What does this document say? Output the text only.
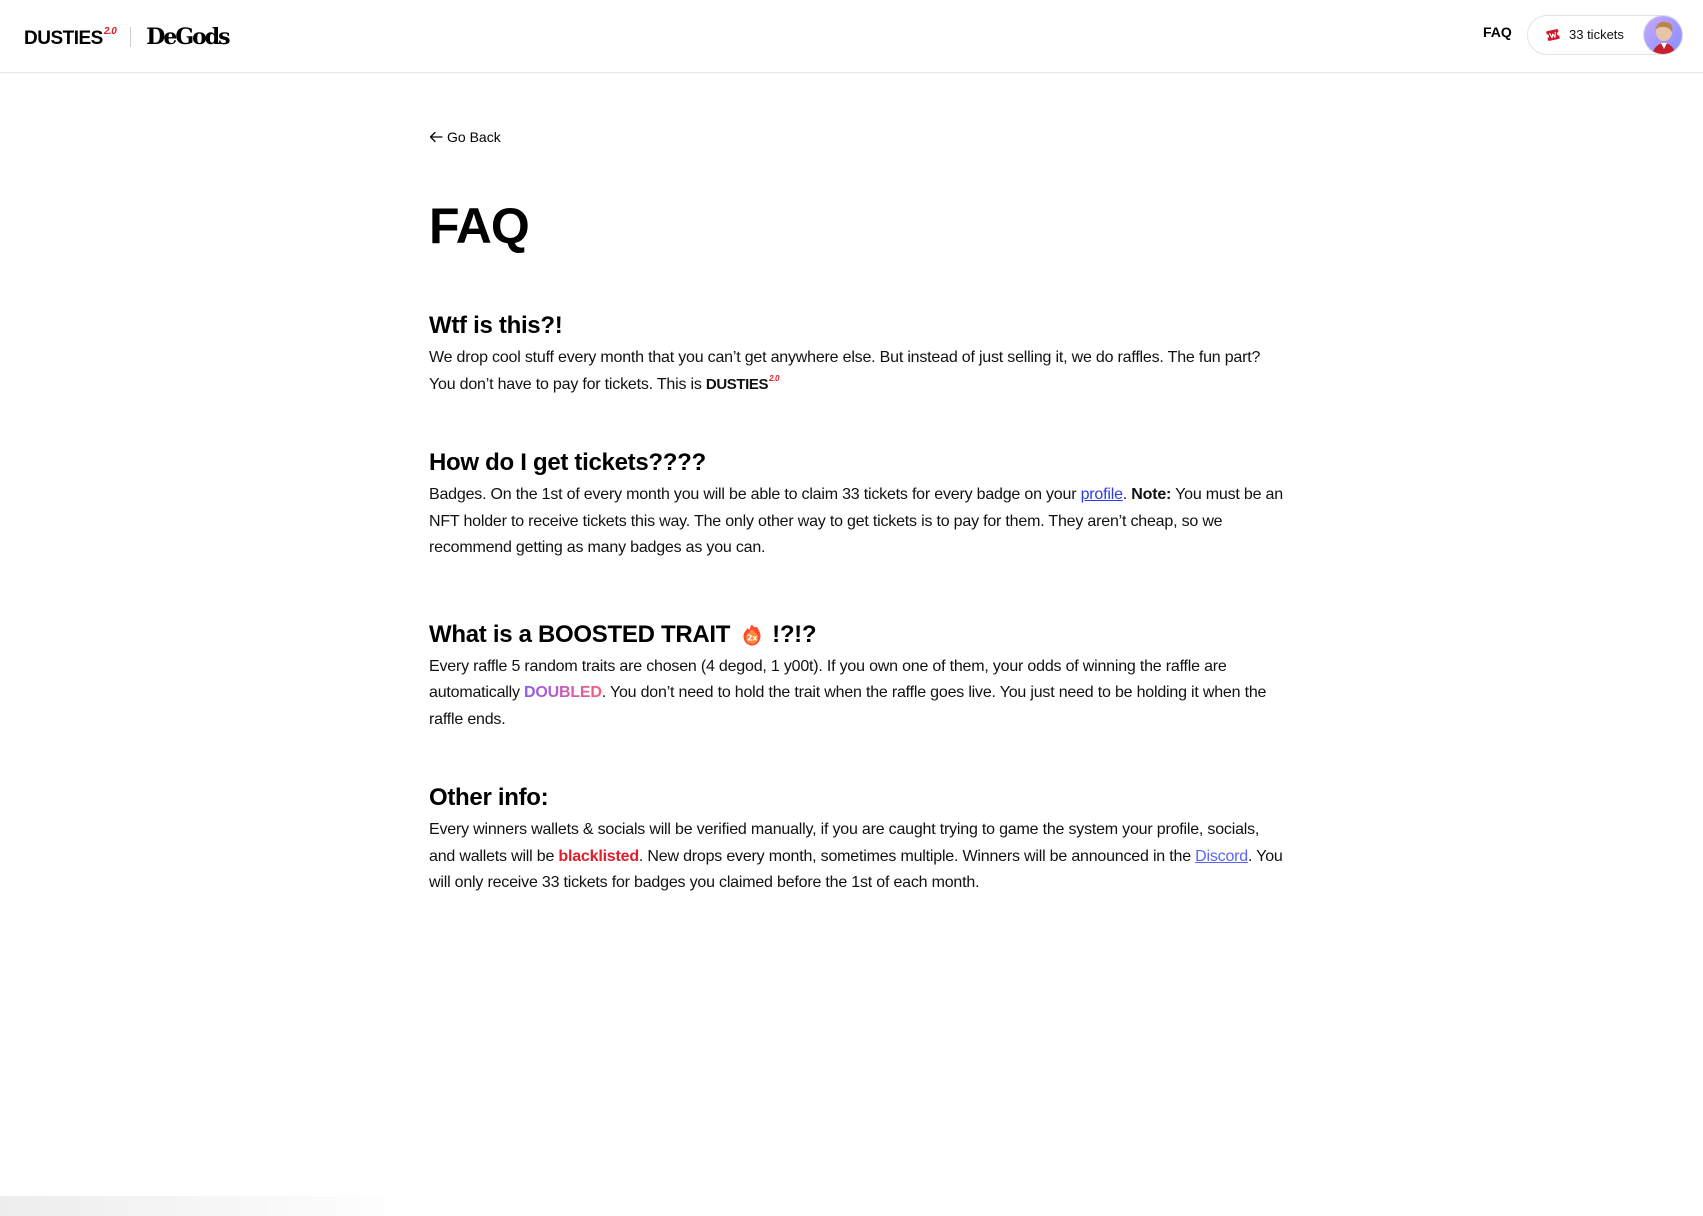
$DUSTIES^{2.0}$ DeGods	FAQ	33 tickets
Go Back
FAQ
Wtf is this?!

We drop cool stuff every month that you can’t get anywhere else. But instead of just selling it, we do raffles. The fun part? You don’t have to pay for tickets. This is $DUSTIES^{2.0}$

How do I get tickets????

Badges. On the 1st of every month you will be able to claim 33 tickets for every badge on your profile. Note: You must be an NFT holder to receive tickets this way. The only other way to get tickets is to pay for them. They aren’t cheap, so we recommend getting as many badges as you can.

What is a BOOSTED TRAIT 2x !?!?

Every raffle 5 random traits are chosen (4 degod, 1 y00t). If you own one of them, your odds of winning the raffle are automatically DOUBLED. You don’t need to hold the trait when the raffle goes live. You just need to be holding it when the raffle ends.

Other info:

Every winners wallets & socials will be verified manually, if you are caught trying to game the system your profile, socials, and wallets will be blacklisted. New drops every month, sometimes multiple. Winners will be announced in the Discord. You will only receive 33 tickets for badges you claimed before the 1st of each month.
